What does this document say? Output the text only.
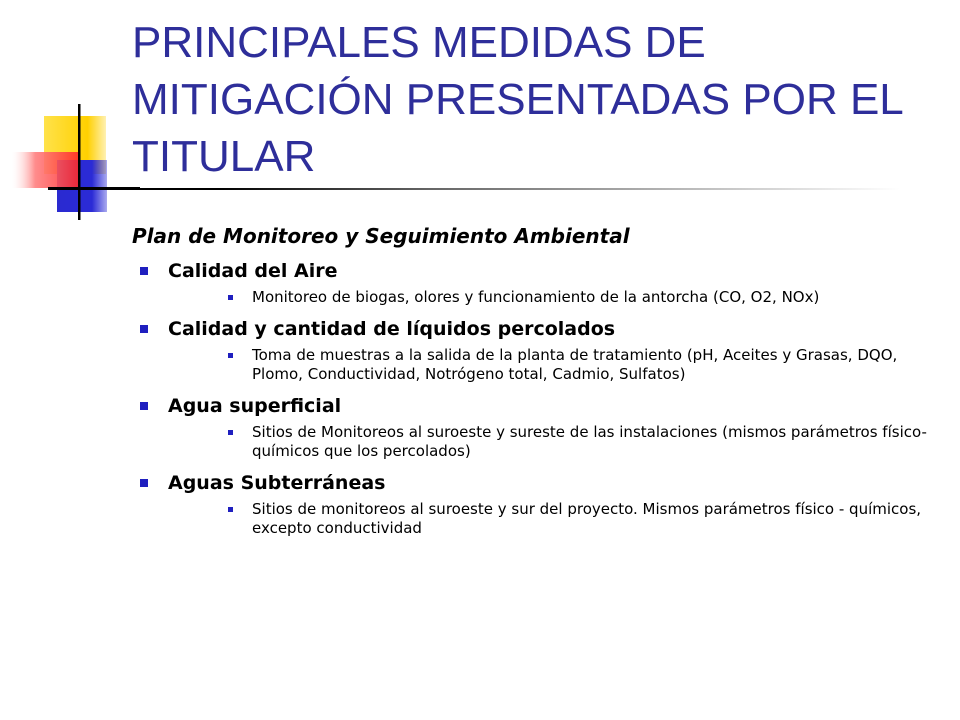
PRINCIPALES MEDIDAS DE MITIGACIÓN PRESENTADAS POR EL TITULAR
Plan de Monitoreo y Seguimiento Ambiental
Calidad del Aire
Monitoreo de biogas, olores y funcionamiento de la antorcha (CO, O2, NOx)
Calidad y cantidad de líquidos percolados
Toma de muestras a la salida de la planta de tratamiento (pH, Aceites y Grasas, DQO, Plomo, Conductividad, Notrógeno total, Cadmio, Sulfatos)
Agua superficial
Sitios de Monitoreos al suroeste y sureste de las instalaciones (mismos parámetros físico-químicos que los percolados)
Aguas Subterráneas
Sitios de monitoreos al suroeste y sur del proyecto. Mismos parámetros físico - químicos, excepto conductividad
